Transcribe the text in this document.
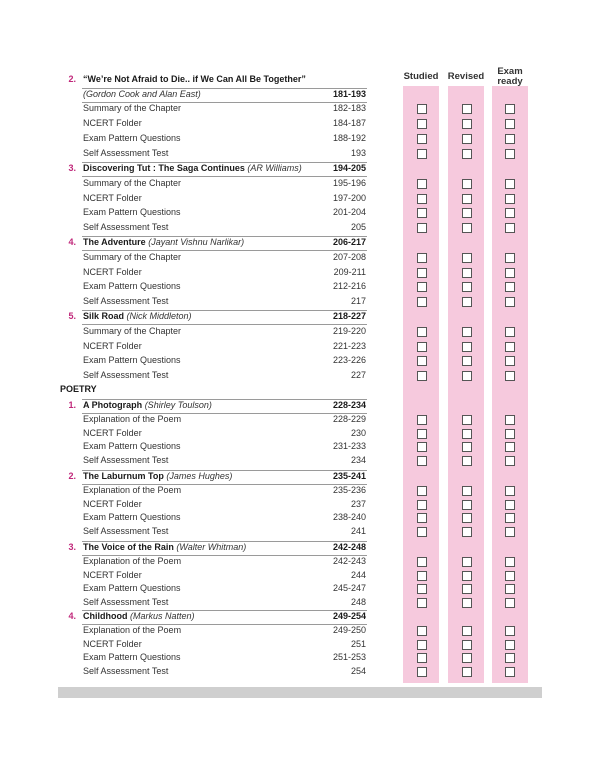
Studied Revised	Exam ready
2. “We’re Not Afraid to Die.. if We Can All Be Together”
(Gordon Cook and Alan East)	181-193
Summary of the Chapter	182-183
NCERT Folder	184-187
Exam Pattern Questions	188-192
Self Assessment Test	193
3. Discovering Tut : The Saga Continues (AR Williams)	194-205
Summary of the Chapter	195-196
NCERT Folder	197-200
Exam Pattern Questions	201-204
Self Assessment Test	205
4. The Adventure (Jayant Vishnu Narlikar)	206-217
Summary of the Chapter	207-208
NCERT Folder	209-211
Exam Pattern Questions	212-216
Self Assessment Test	217
5. Silk Road (Nick Middleton)	218-227
Summary of the Chapter	219-220
NCERT Folder	221-223
Exam Pattern Questions	223-226
Self Assessment Test	227
POETRY
1. A Photograph (Shirley Toulson)	228-234
Explanation of the Poem	228-229
NCERT Folder	230
Exam Pattern Questions	231-233
Self Assessment Test	234
2. The Laburnum Top (James Hughes)	235-241
Explanation of the Poem	235-236
NCERT Folder	237
Exam Pattern Questions	238-240
Self Assessment Test	241
3. The Voice of the Rain (Walter Whitman)	242-248
Explanation of the Poem	242-243
NCERT Folder	244
Exam Pattern Questions	245-247
Self Assessment Test	248
4. Childhood (Markus Natten)	249-254
Explanation of the Poem	249-250
NCERT Folder	251
Exam Pattern Questions	251-253
Self Assessment Test	254
